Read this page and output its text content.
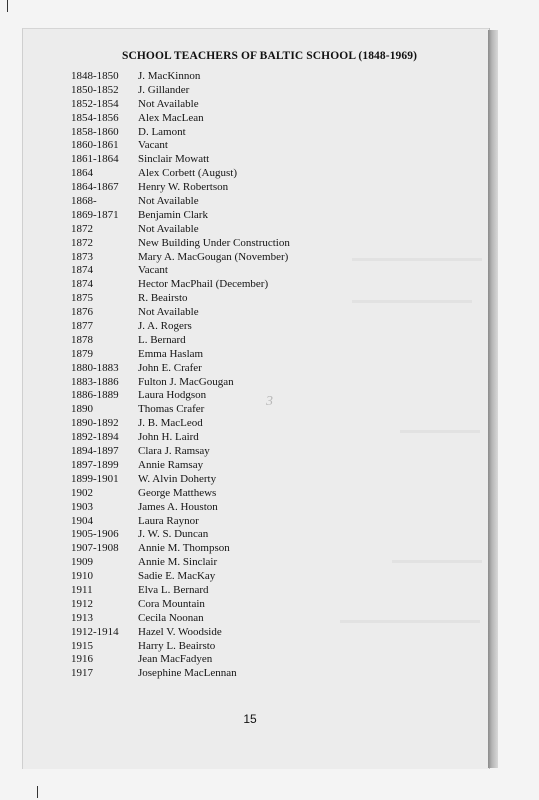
SCHOOL TEACHERS OF BALTIC SCHOOL (1848-1969)
1848-1850	J. MacKinnon
1850-1852	J. Gillander
1852-1854	Not Available
1854-1856	Alex MacLean
1858-1860	D. Lamont
1860-1861	Vacant
1861-1864	Sinclair Mowatt
1864	Alex Corbett (August)
1864-1867	Henry W. Robertson
1868-	Not Available
1869-1871	Benjamin Clark
1872	Not Available
1872	New Building Under Construction
1873	Mary A. MacGougan (November)
1874	Vacant
1874	Hector MacPhail (December)
1875	R. Beairsto
1876	Not Available
1877	J. A. Rogers
1878	L. Bernard
1879	Emma Haslam
1880-1883	John E. Crafer
1883-1886	Fulton J. MacGougan
1886-1889	Laura Hodgson
1890	Thomas Crafer
1890-1892	J. B. MacLeod
1892-1894	John H. Laird
1894-1897	Clara J. Ramsay
1897-1899	Annie Ramsay
1899-1901	W. Alvin Doherty
1902	George Matthews
1903	James A. Houston
1904	Laura Raynor
1905-1906	J. W. S. Duncan
1907-1908	Annie M. Thompson
1909	Annie M. Sinclair
1910	Sadie E. MacKay
1911	Elva L. Bernard
1912	Cora Mountain
1913	Cecila Noonan
1912-1914	Hazel V. Woodside
1915	Harry L. Beairsto
1916	Jean MacFadyen
1917	Josephine MacLennan
3
15
